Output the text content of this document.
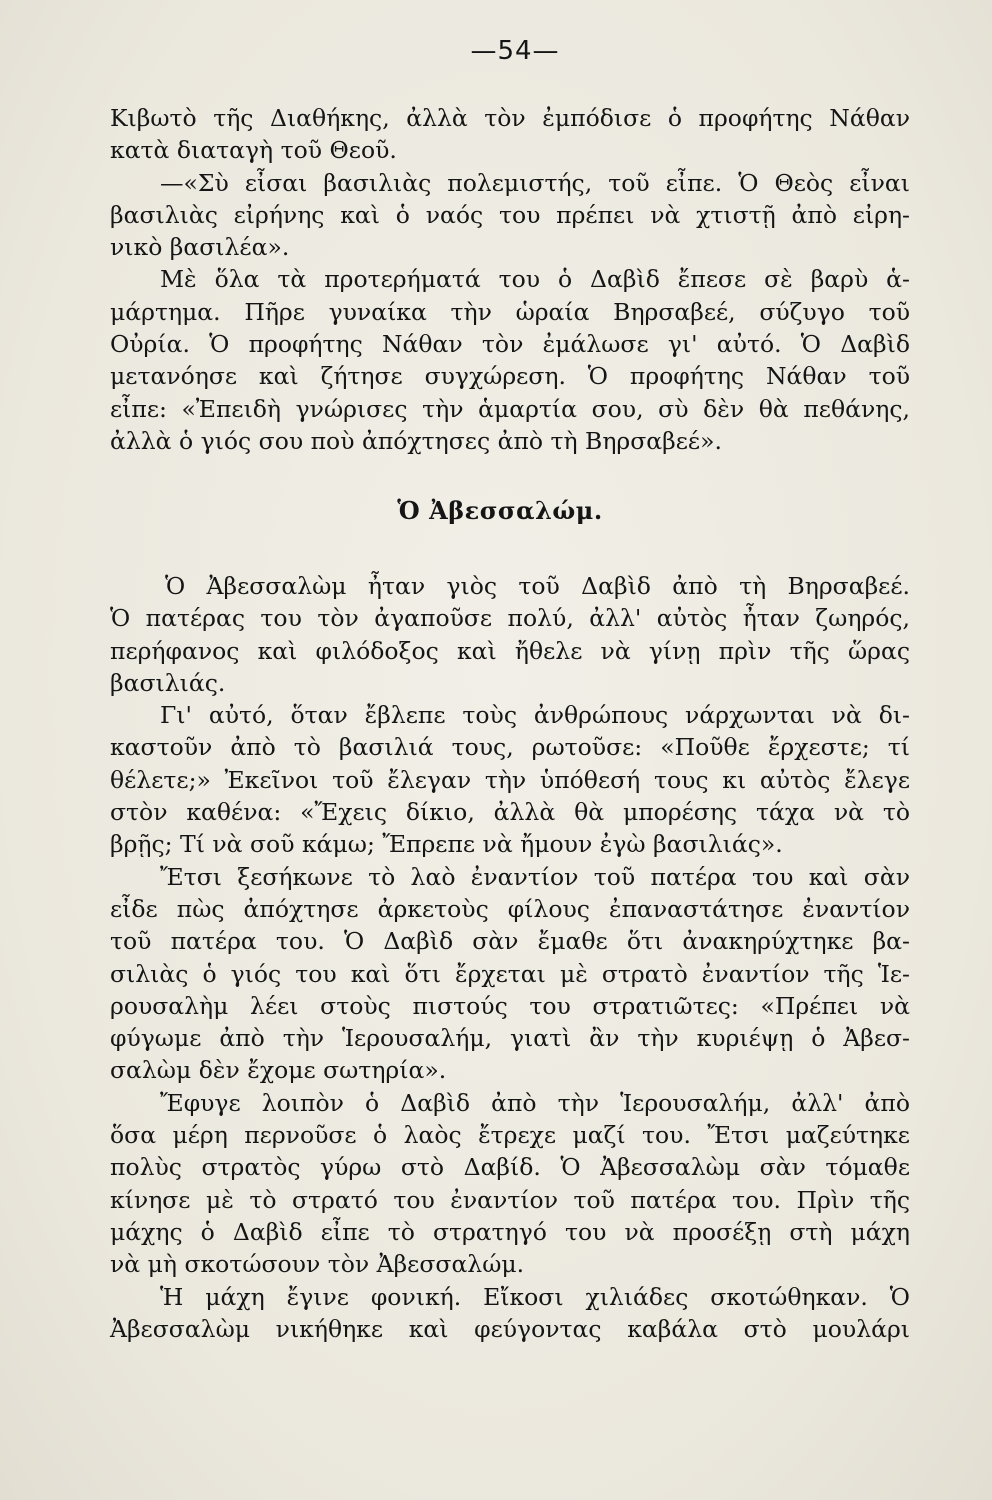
—54—
Κιβωτὸ τῆς Διαθήκης, ἀλλὰ τὸν ἐμπόδισε ὁ προφήτης Νάθαν
κατὰ διαταγὴ τοῦ Θεοῦ.
—«Σὺ εἶσαι βασιλιὰς πολεμιστής, τοῦ εἶπε. Ὁ Θεὸς εἶναι
βασιλιὰς εἰρήνης καὶ ὁ ναός του πρέπει νὰ χτιστῇ ἀπὸ εἰρη-
νικὸ βασιλέα».
Μὲ ὅλα τὰ προτερήματά του ὁ Δαβὶδ ἔπεσε σὲ βαρὺ ἁ-
μάρτημα. Πῆρε γυναίκα τὴν ὡραία Βηρσαβεέ, σύζυγο τοῦ
Οὐρία. Ὁ προφήτης Νάθαν τὸν ἐμάλωσε γι' αὐτό. Ὁ Δαβὶδ
μετανόησε καὶ ζήτησε συγχώρεση. Ὁ προφήτης Νάθαν τοῦ
εἶπε: «Ἐπειδὴ γνώρισες τὴν ἁμαρτία σου, σὺ δὲν θὰ πεθάνης,
ἀλλὰ ὁ γιός σου ποὺ ἀπόχτησες ἀπὸ τὴ Βηρσαβεέ».
Ὁ Ἀβεσσαλώμ.
Ὁ Ἀβεσσαλὼμ ἦταν γιὸς τοῦ Δαβὶδ ἀπὸ τὴ Βηρσαβεέ.
Ὁ πατέρας του τὸν ἀγαποῦσε πολύ, ἀλλ' αὐτὸς ἦταν ζωηρός,
περήφανος καὶ φιλόδοξος καὶ ἤθελε νὰ γίνῃ πρὶν τῆς ὥρας
βασιλιάς.
Γι' αὐτό, ὅταν ἔβλεπε τοὺς ἀνθρώπους νάρχωνται νὰ δι-
καστοῦν ἀπὸ τὸ βασιλιά τους, ρωτοῦσε: «Ποῦθε ἔρχεστε; τί
θέλετε;» Ἐκεῖνοι τοῦ ἔλεγαν τὴν ὑπόθεσή τους κι αὐτὸς ἔλεγε
στὸν καθένα: «Ἔχεις δίκιο, ἀλλὰ θὰ μπορέσης τάχα νὰ τὸ
βρῇς; Τί νὰ σοῦ κάμω; Ἔπρεπε νὰ ἤμουν ἐγὼ βασιλιάς».
Ἔτσι ξεσήκωνε τὸ λαὸ ἐναντίον τοῦ πατέρα του καὶ σὰν
εἶδε πὼς ἀπόχτησε ἀρκετοὺς φίλους ἐπαναστάτησε ἐναντίον
τοῦ πατέρα του. Ὁ Δαβὶδ σὰν ἔμαθε ὅτι ἀνακηρύχτηκε βα-
σιλιὰς ὁ γιός του καὶ ὅτι ἔρχεται μὲ στρατὸ ἐναντίον τῆς Ἱε-
ρουσαλὴμ λέει στοὺς πιστούς του στρατιῶτες: «Πρέπει νὰ
φύγωμε ἀπὸ τὴν Ἱερουσαλήμ, γιατὶ ἂν τὴν κυριέψῃ ὁ Ἀβεσ-
σαλὼμ δὲν ἔχομε σωτηρία».
Ἔφυγε λοιπὸν ὁ Δαβὶδ ἀπὸ τὴν Ἱερουσαλήμ, ἀλλ' ἀπὸ
ὅσα μέρη περνοῦσε ὁ λαὸς ἔτρεχε μαζί του. Ἔτσι μαζεύτηκε
πολὺς στρατὸς γύρω στὸ Δαβίδ. Ὁ Ἀβεσσαλὼμ σὰν τόμαθε
κίνησε μὲ τὸ στρατό του ἐναντίον τοῦ πατέρα του. Πρὶν τῆς
μάχης ὁ Δαβὶδ εἶπε τὸ στρατηγό του νὰ προσέξῃ στὴ μάχη
νὰ μὴ σκοτώσουν τὸν Ἀβεσσαλώμ.
Ἡ μάχη ἔγινε φονική. Εἴκοσι χιλιάδες σκοτώθηκαν. Ὁ
Ἀβεσσαλὼμ νικήθηκε καὶ φεύγοντας καβάλα στὸ μουλάρι
